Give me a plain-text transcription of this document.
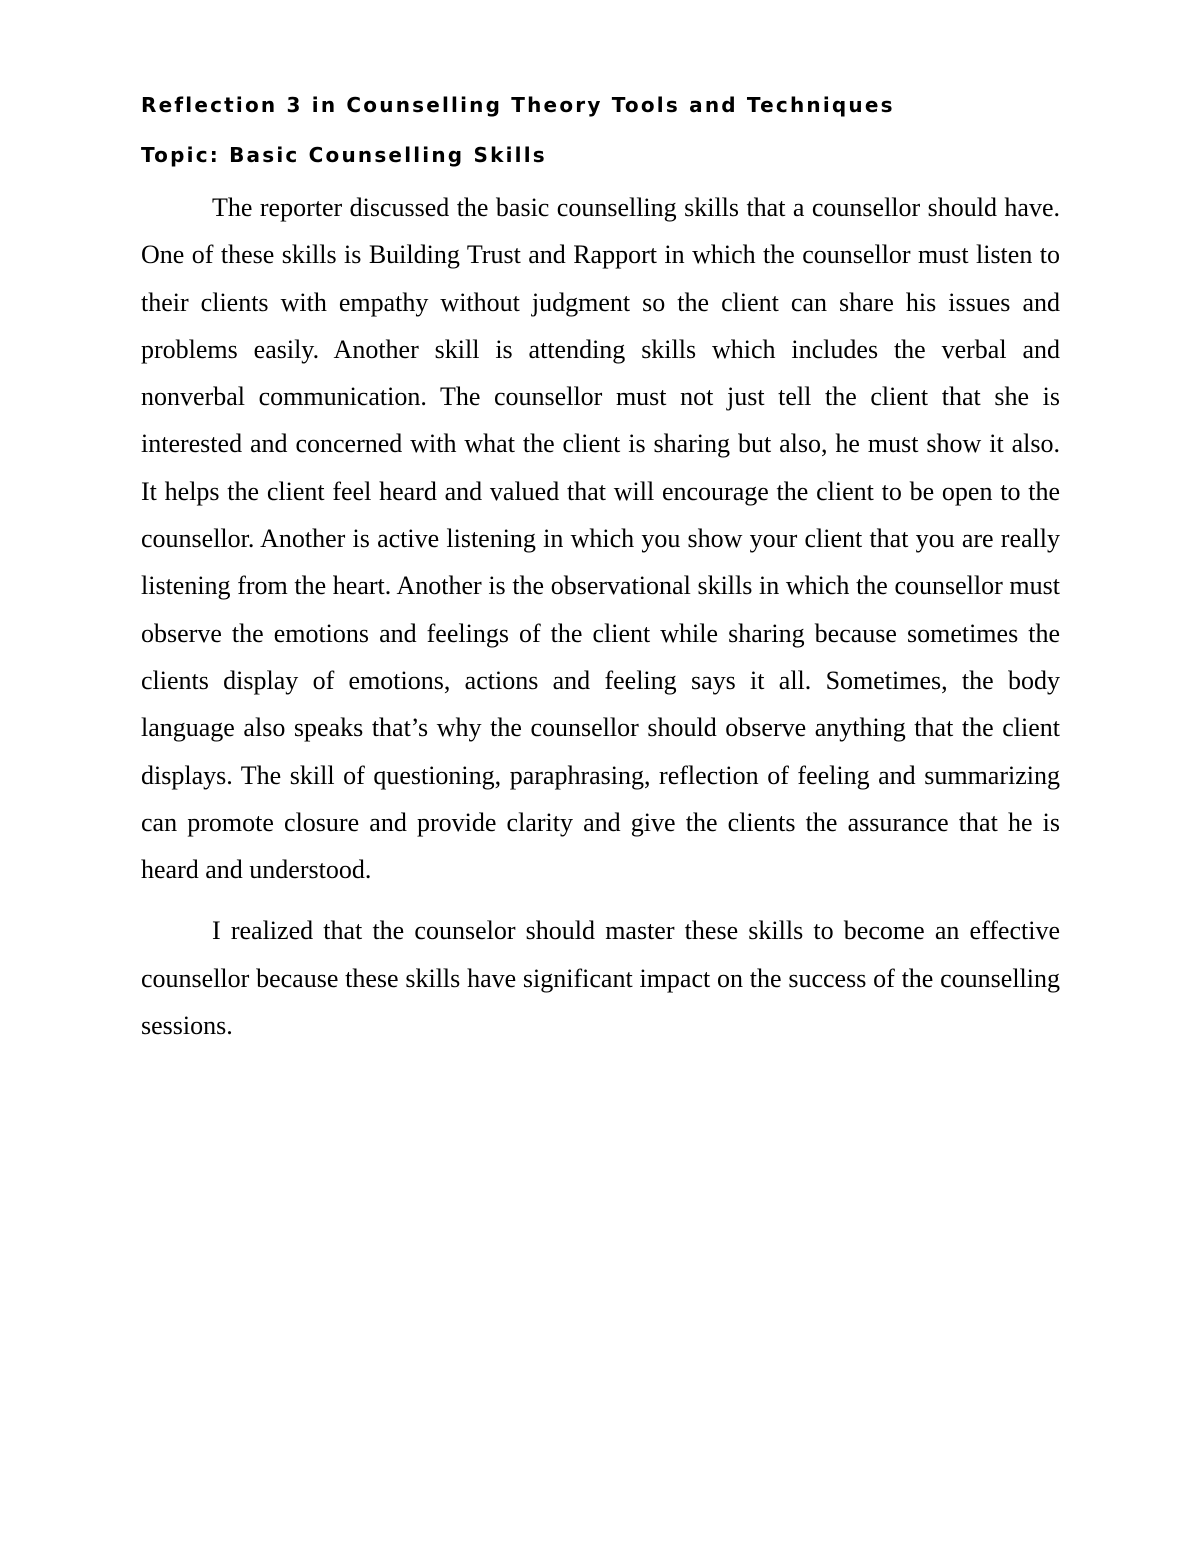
Reflection 3 in Counselling Theory Tools and Techniques
Topic: Basic Counselling Skills

The reporter discussed the basic counselling skills that a counsellor should have. One of these skills is Building Trust and Rapport in which the counsellor must listen to their clients with empathy without judgment so the client can share his issues and problems easily. Another skill is attending skills which includes the verbal and nonverbal communication. The counsellor must not just tell the client that she is interested and concerned with what the client is sharing but also, he must show it also. It helps the client feel heard and valued that will encourage the client to be open to the counsellor. Another is active listening in which you show your client that you are really listening from the heart. Another is the observational skills in which the counsellor must observe the emotions and feelings of the client while sharing because sometimes the clients display of emotions, actions and feeling says it all. Sometimes, the body language also speaks that’s why the counsellor should observe anything that the client displays. The skill of questioning, paraphrasing, reflection of feeling and summarizing can promote closure and provide clarity and give the clients the assurance that he is heard and understood.

I realized that the counselor should master these skills to become an effective counsellor because these skills have significant impact on the success of the counselling sessions.
